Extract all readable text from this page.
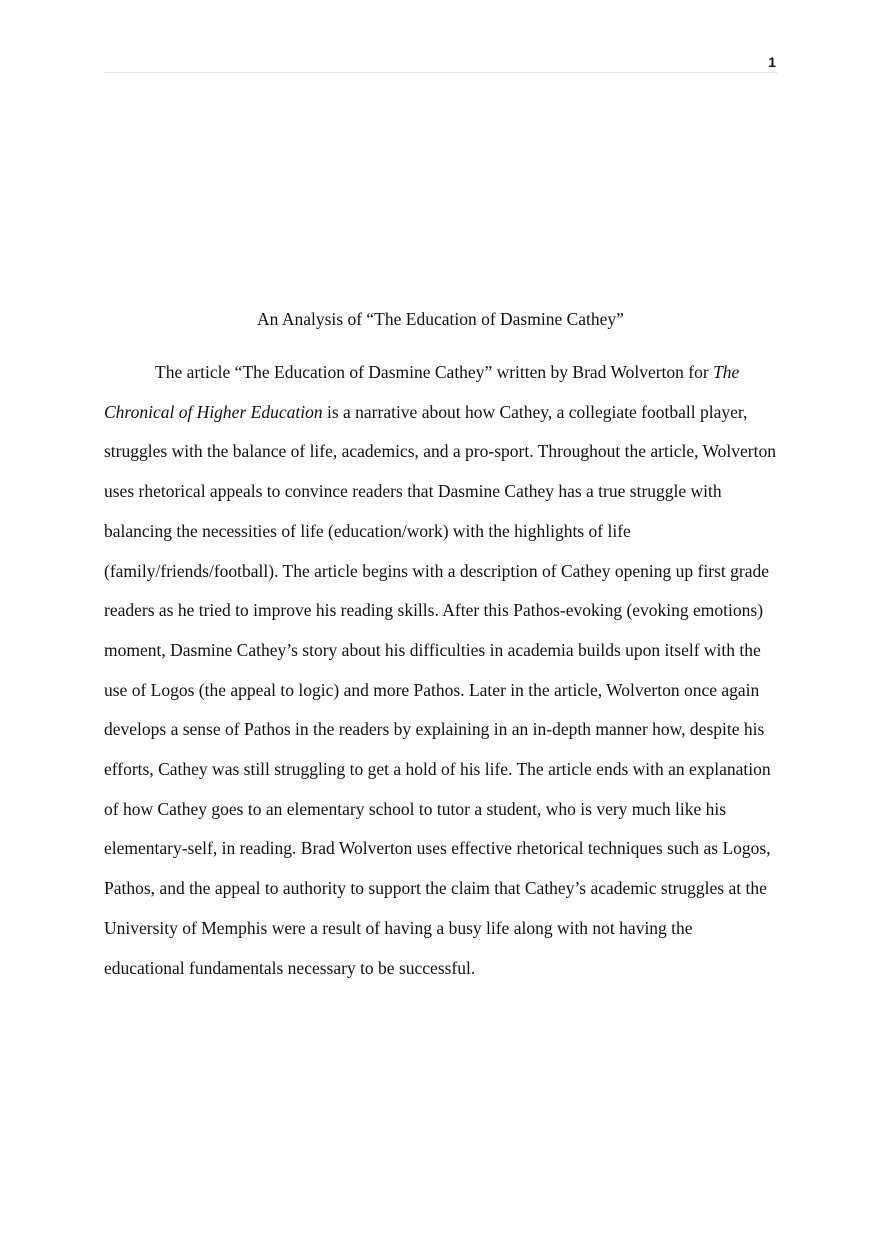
1
An Analysis of “The Education of Dasmine Cathey”

The article “The Education of Dasmine Cathey” written by Brad Wolverton for The Chronical of Higher Education is a narrative about how Cathey, a collegiate football player, struggles with the balance of life, academics, and a pro-sport. Throughout the article, Wolverton uses rhetorical appeals to convince readers that Dasmine Cathey has a true struggle with balancing the necessities of life (education/work) with the highlights of life (family/friends/football). The article begins with a description of Cathey opening up first grade readers as he tried to improve his reading skills. After this Pathos-evoking (evoking emotions) moment, Dasmine Cathey’s story about his difficulties in academia builds upon itself with the use of Logos (the appeal to logic) and more Pathos. Later in the article, Wolverton once again develops a sense of Pathos in the readers by explaining in an in-depth manner how, despite his efforts, Cathey was still struggling to get a hold of his life. The article ends with an explanation of how Cathey goes to an elementary school to tutor a student, who is very much like his elementary-self, in reading. Brad Wolverton uses effective rhetorical techniques such as Logos, Pathos, and the appeal to authority to support the claim that Cathey’s academic struggles at the University of Memphis were a result of having a busy life along with not having the educational fundamentals necessary to be successful.
